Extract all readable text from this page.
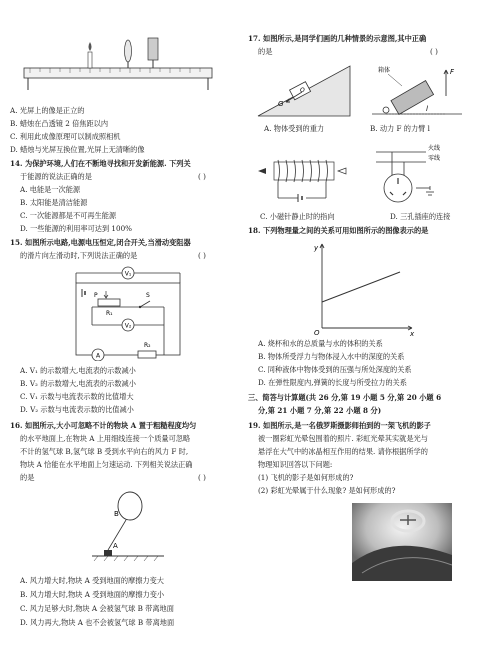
A. 光屏上的像是正立的
B. 蜡烛在凸透镜 2 倍焦距以内
C. 利用此成像原理可以制成照相机
D. 蜡烛与光屏互换位置,光屏上无清晰的像
14. 为保护环境,人们在不断地寻找和开发新能源. 下列关
于能源的说法正确的是	( )
A. 电能是一次能源
B. 太阳能是清洁能源
C. 一次能源都是不可再生能源
D. 一些能源的利用率可达到 100%
15. 如图所示电路,电源电压恒定,闭合开关,当滑动变阻器
的滑片向左滑动时,下列说法正确的是	( )
V₁
P
R₁
S
V₂
A
R₂
A. V₁ 的示数增大,电流表的示数减小
B. V₂ 的示数增大,电流表的示数减小
C. V₁ 示数与电流表示数的比值增大
D. V₂ 示数与电流表示数的比值减小
16. 如图所示,大小可忽略不计的物块 A 置于粗糙程度均匀
的水平地面上,在物块 A 上用细线连接一个质量可忽略
不计的氢气球 B,氢气球 B 受到水平向右的风力 F 时,
物块 A 恰能在水平地面上匀速运动. 下列相关说法正确
的是	( )
B
A
A. 风力增大时,物块 A 受到地面的摩擦力变大
B. 风力增大时,物块 A 受到地面的摩擦力变小
C. 风力足够大时,物块 A 会被氢气球 B 带离地面
D. 风力再大,物块 A 也不会被氢气球 B 带离地面
17. 如图所示,是同学们画的几种情景的示意图,其中正确
的是	( )
G
O
A. 物体受到的重力
箱体	F
l
B. 动力 F 的力臂 l
C. 小磁针静止时的指向
火线
零线
D. 三孔插座的连接
18. 下列物理量之间的关系可用如图所示的图像表示的是
y
x
O
A. 烧杯和水的总质量与水的体积的关系
B. 物体所受浮力与物体浸入水中的深度的关系
C. 同种液体中物体受到的压强与所处深度的关系
D. 在弹性限度内,弹簧的长度与所受拉力的关系
三、简答与计算题(共 26 分,第 19 小题 5 分,第 20 小题 6
分,第 21 小题 7 分,第 22 小题 8 分)
19. 如图所示,是一名俄罗斯摄影师拍到的一架飞机的影子
被一圈彩虹光晕包围着的照片. 彩虹光晕其实就是光与
悬浮在大气中的冰晶相互作用的结果. 请你根据所学的
物理知识回答以下问题:
(1) 飞机的影子是如何形成的?
(2) 彩虹光晕属于什么现象? 是如何形成的?
